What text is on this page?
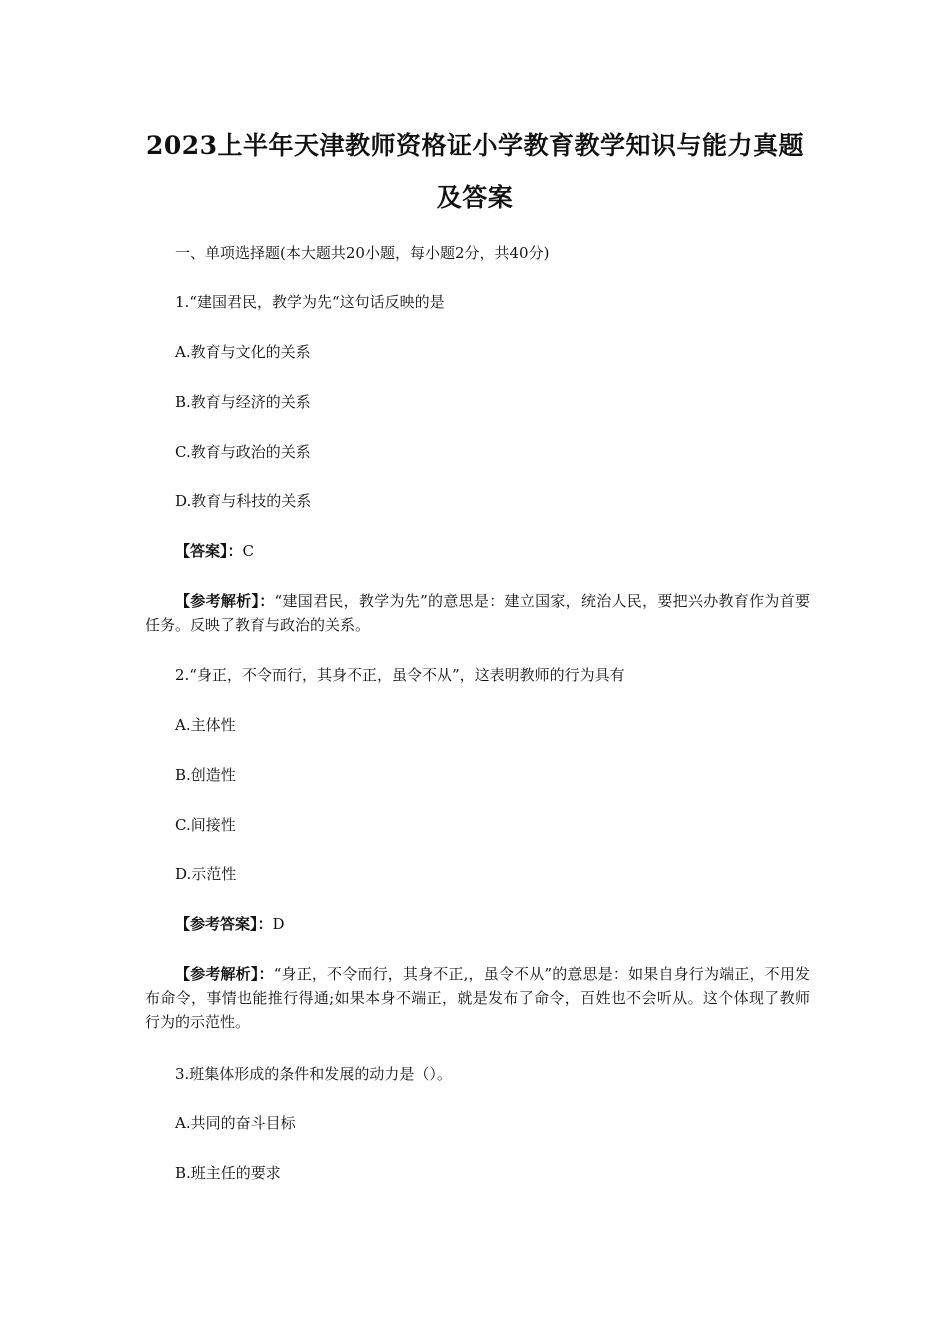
2023上半年天津教师资格证小学教育教学知识与能力真题
及答案
一、单项选择题(本大题共20小题，每小题2分，共40分)
1.“建国君民，教学为先“这句话反映的是
A.教育与文化的关系
B.教育与经济的关系
C.教育与政治的关系
D.教育与科技的关系
【答案】：C
【参考解析】：“建国君民，教学为先”的意思是：建立国家，统治人民，要把兴办教育作为首要任务。反映了教育与政治的关系。
2.“身正，不令而行，其身不正，虽令不从”，这表明教师的行为具有
A.主体性
B.创造性
C.间接性
D.示范性
【参考答案】：D
【参考解析】：“身正，不令而行，其身不正,，虽令不从”的意思是：如果自身行为端正，不用发布命令，事情也能推行得通;如果本身不端正，就是发布了命令，百姓也不会听从。这个体现了教师行为的示范性。
3.班集体形成的条件和发展的动力是（）。
A.共同的奋斗目标
B.班主任的要求
